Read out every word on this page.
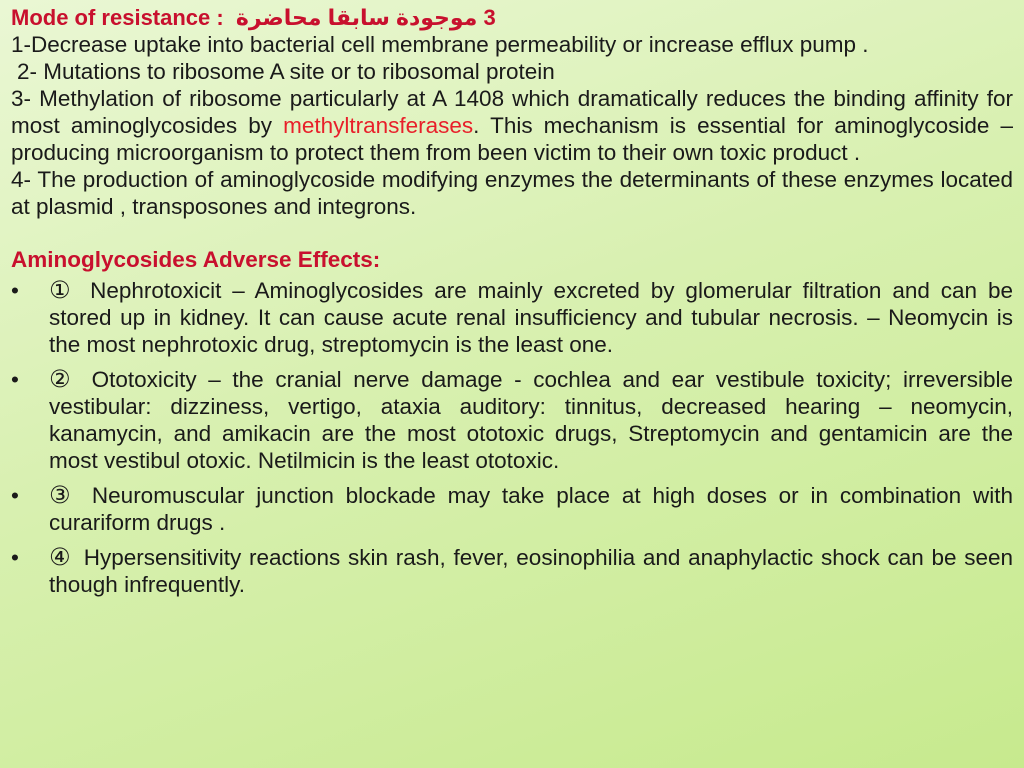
Mode of resistance : 3 موجودة سابقا محاضرة

1-Decrease uptake into bacterial cell membrane permeability or increase efflux pump .

2- Mutations to ribosome A site or to ribosomal protein

3- Methylation of ribosome particularly at A 1408 which dramatically reduces the binding affinity for most aminoglycosides by methyltransferases. This mechanism is essential for aminoglycoside –producing microorganism to protect them from been victim to their own toxic product .

4- The production of aminoglycoside modifying enzymes the determinants of these enzymes located at plasmid , transposones and integrons.

Aminoglycosides Adverse Effects:
• ① Nephrotoxicit – Aminoglycosides are mainly excreted by glomerular filtration and can be stored up in kidney. It can cause acute renal insufficiency and tubular necrosis. – Neomycin is the most nephrotoxic drug, streptomycin is the least one.
• ② Ototoxicity – the cranial nerve damage - cochlea and ear vestibule toxicity; irreversible vestibular: dizziness, vertigo, ataxia auditory: tinnitus, decreased hearing – neomycin, kanamycin, and amikacin are the most ototoxic drugs, Streptomycin and gentamicin are the most vestibul otoxic. Netilmicin is the least ototoxic.
• ③ Neuromuscular junction blockade may take place at high doses or in combination with curariform drugs .
• ④ Hypersensitivity reactions skin rash, fever, eosinophilia and anaphylactic shock can be seen though infrequently.
